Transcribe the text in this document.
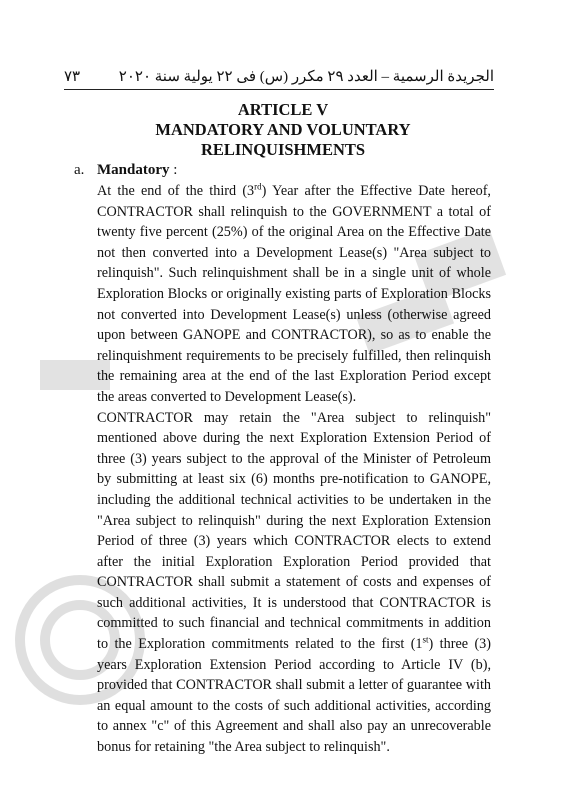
٧٣	الجريدة الرسمية – العدد ٢٩ مكرر (س) فى ٢٢ يولية سنة ٢٠٢٠
ARTICLE V
MANDATORY AND VOLUNTARY
RELINQUISHMENTS
a. Mandatory :

At the end of the third (3rd) Year after the Effective Date hereof, CONTRACTOR shall relinquish to the GOVERNMENT a total of twenty five percent (25%) of the original Area on the Effective Date not then converted into a Development Lease(s) "Area subject to relinquish". Such relinquishment shall be in a single unit of whole Exploration Blocks or originally existing parts of Exploration Blocks not converted into Development Lease(s) unless (otherwise agreed upon between GANOPE and CONTRACTOR), so as to enable the relinquishment requirements to be precisely fulfilled, then relinquish the remaining area at the end of the last Exploration Period except the areas converted to Development Lease(s).

CONTRACTOR may retain the "Area subject to relinquish" mentioned above during the next Exploration Extension Period of three (3) years subject to the approval of the Minister of Petroleum by submitting at least six (6) months pre-notification to GANOPE, including the additional technical activities to be undertaken in the "Area subject to relinquish" during the next Exploration Extension Period of three (3) years which CONTRACTOR elects to extend after the initial Exploration Exploration Period provided that CONTRACTOR shall submit a statement of costs and expenses of such additional activities, It is understood that CONTRACTOR is committed to such financial and technical commitments in addition to the Exploration commitments related to the first (1st) three (3) years Exploration Extension Period according to Article IV (b), provided that CONTRACTOR shall submit a letter of guarantee with an equal amount to the costs of such additional activities, according to annex "c" of this Agreement and shall also pay an unrecoverable bonus for retaining "the Area subject to relinquish".
